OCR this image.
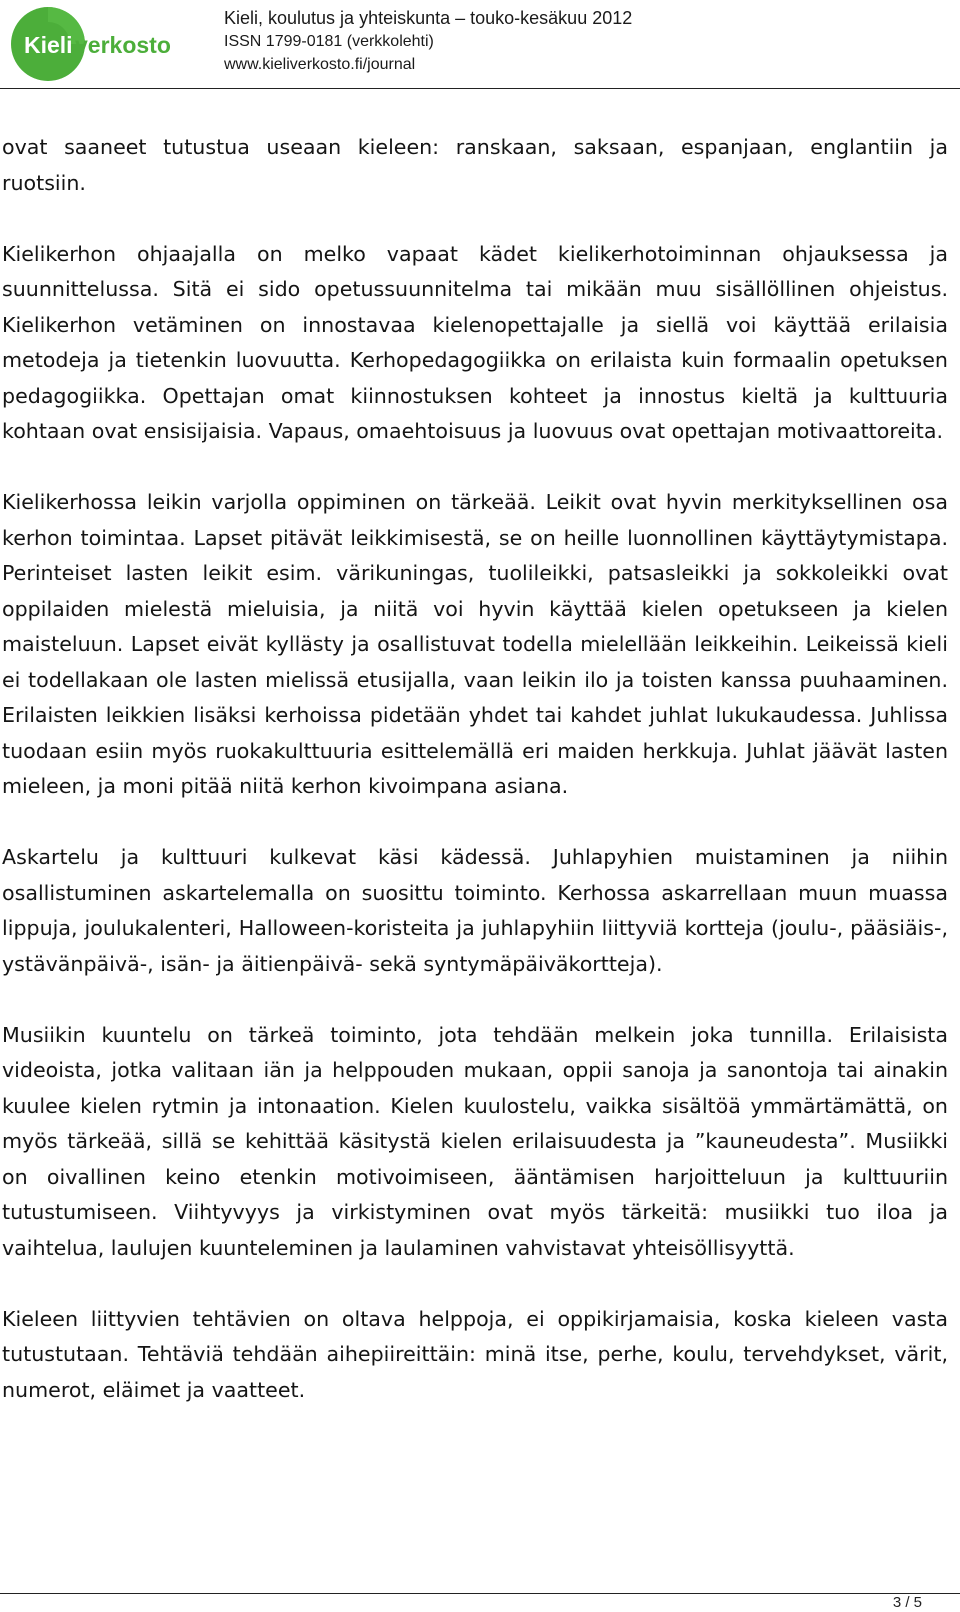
Kieli verkosto
Kieli, koulutus ja yhteiskunta – touko-kesäkuu 2012
ISSN 1799-0181 (verkkolehti)
www.kieliverkosto.fi/journal

ovat saaneet tutustua useaan kieleen: ranskaan, saksaan, espanjaan, englantiin ja ruotsiin.

Kielikerhon ohjaajalla on melko vapaat kädet kielikerhotoiminnan ohjauksessa ja suunnittelussa. Sitä ei sido opetussuunnitelma tai mikään muu sisällöllinen ohjeistus. Kielikerhon vetäminen on innostavaa kielenopettajalle ja siellä voi käyttää erilaisia metodeja ja tietenkin luovuutta. Kerhopedagogiikka on erilaista kuin formaalin opetuksen pedagogiikka. Opettajan omat kiinnostuksen kohteet ja innostus kieltä ja kulttuuria kohtaan ovat ensisijaisia. Vapaus, omaehtoisuus ja luovuus ovat opettajan motivaattoreita.

Kielikerhossa leikin varjolla oppiminen on tärkeää. Leikit ovat hyvin merkityksellinen osa kerhon toimintaa. Lapset pitävät leikkimisestä, se on heille luonnollinen käyttäytymistapa. Perinteiset lasten leikit esim. värikuningas, tuolileikki, patsasleikki ja sokkoleikki ovat oppilaiden mielestä mieluisia, ja niitä voi hyvin käyttää kielen opetukseen ja kielen maisteluun. Lapset eivät kyllästy ja osallistuvat todella mielellään leikkeihin. Leikeissä kieli ei todellakaan ole lasten mielissä etusijalla, vaan leikin ilo ja toisten kanssa puuhaaminen. Erilaisten leikkien lisäksi kerhoissa pidetään yhdet tai kahdet juhlat lukukaudessa. Juhlissa tuodaan esiin myös ruokakulttuuria esittelemällä eri maiden herkkuja. Juhlat jäävät lasten mieleen, ja moni pitää niitä kerhon kivoimpana asiana.

Askartelu ja kulttuuri kulkevat käsi kädessä. Juhlapyhien muistaminen ja niihin osallistuminen askartelemalla on suosittu toiminto. Kerhossa askarrellaan muun muassa lippuja, joulukalenteri, Halloween-koristeita ja juhlapyhiin liittyviä kortteja (joulu-, pääsiäis-, ystävänpäivä-, isän- ja äitienpäivä- sekä syntymäpäiväkortteja).

Musiikin kuuntelu on tärkeä toiminto, jota tehdään melkein joka tunnilla. Erilaisista videoista, jotka valitaan iän ja helppouden mukaan, oppii sanoja ja sanontoja tai ainakin kuulee kielen rytmin ja intonaation. Kielen kuulostelu, vaikka sisältöä ymmärtämättä, on myös tärkeää, sillä se kehittää käsitystä kielen erilaisuudesta ja ”kauneudesta”. Musiikki on oivallinen keino etenkin motivoimiseen, ääntämisen harjoitteluun ja kulttuuriin tutustumiseen. Viihtyvyys ja virkistyminen ovat myös tärkeitä: musiikki tuo iloa ja vaihtelua, laulujen kuunteleminen ja laulaminen vahvistavat yhteisöllisyyttä.

Kieleen liittyvien tehtävien on oltava helppoja, ei oppikirjamaisia, koska kieleen vasta tutustutaan. Tehtäviä tehdään aihepiireittäin: minä itse, perhe, koulu, tervehdykset, värit, numerot, eläimet ja vaatteet.

3 / 5
